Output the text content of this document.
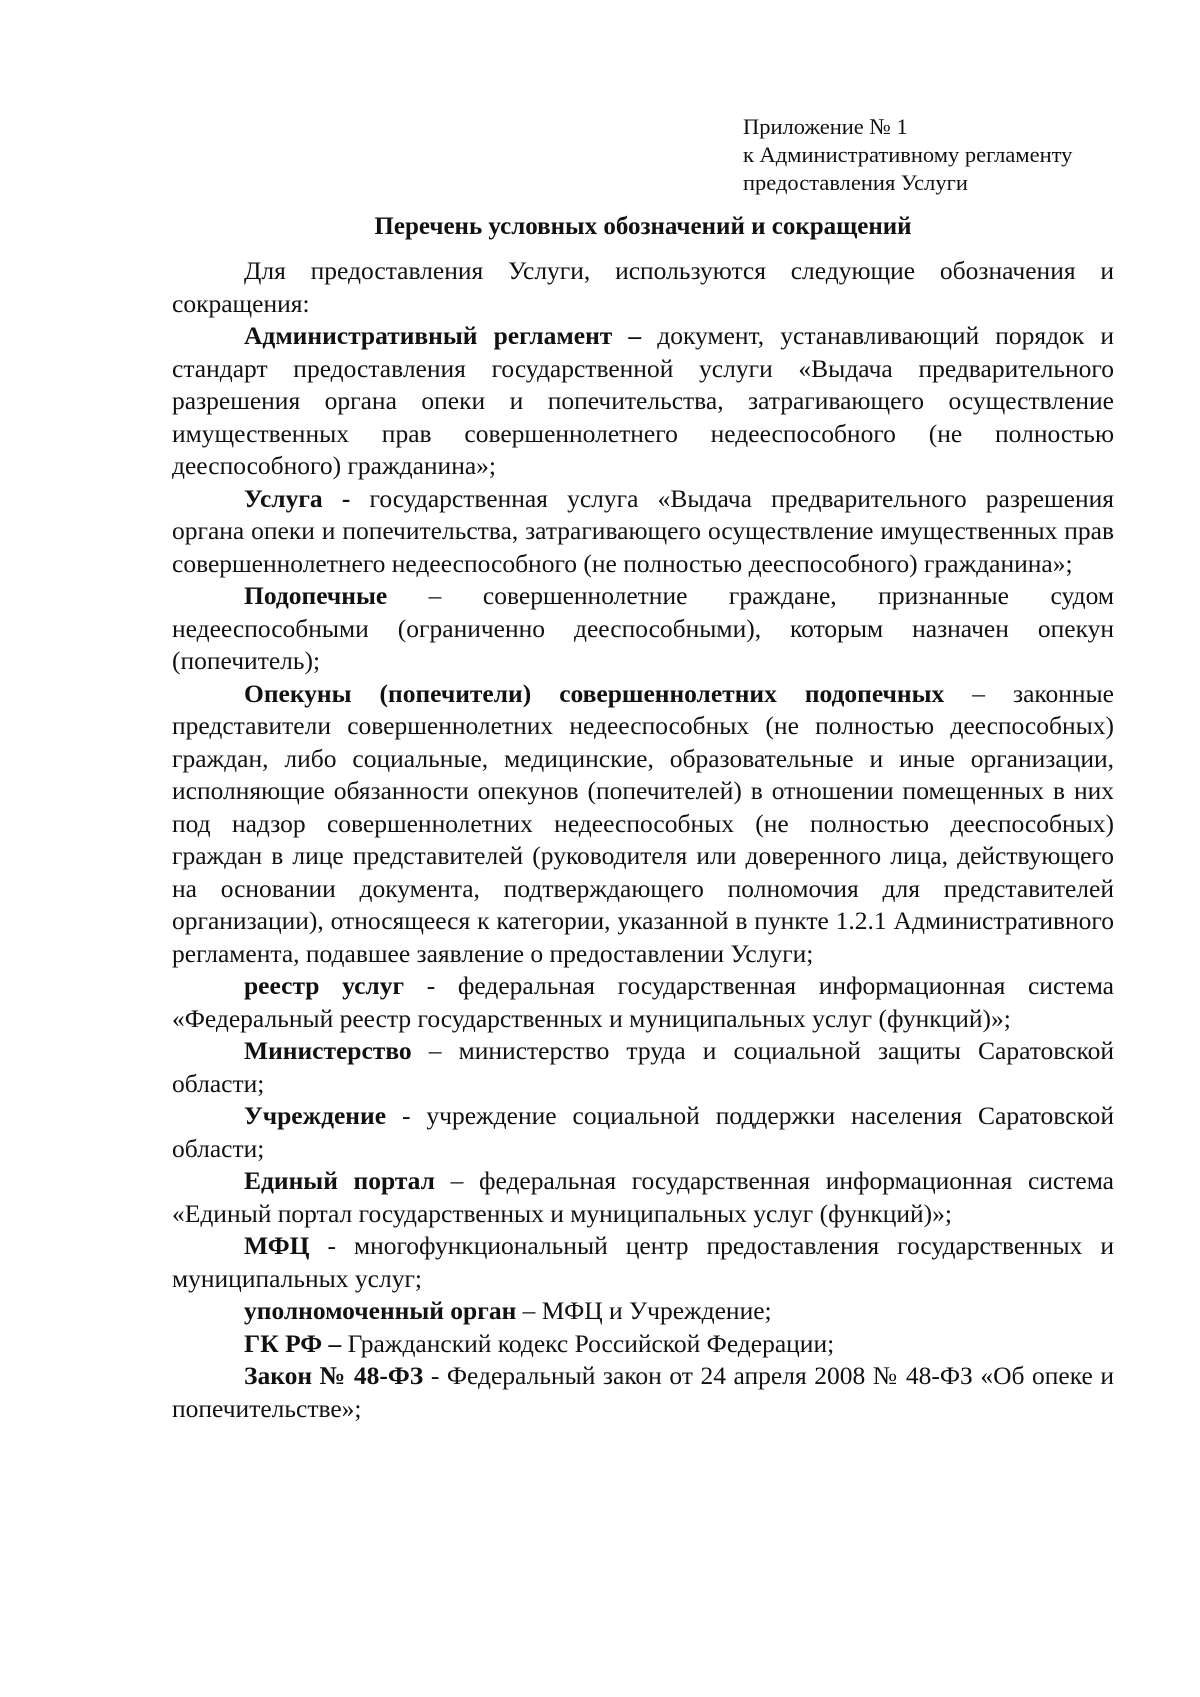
Приложение № 1
к Административному регламенту
предоставления Услуги
Перечень условных обозначений и сокращений

Для предоставления Услуги, используются следующие обозначения и сокращения:

Административный регламент – документ, устанавливающий порядок и стандарт предоставления государственной услуги «Выдача предварительного разрешения органа опеки и попечительства, затрагивающего осуществление имущественных прав совершеннолетнего недееспособного (не полностью дееспособного) гражданина»;

Услуга - государственная услуга «Выдача предварительного разрешения органа опеки и попечительства, затрагивающего осуществление имущественных прав совершеннолетнего недееспособного (не полностью дееспособного) гражданина»;

Подопечные – совершеннолетние граждане, признанные судом недееспособными (ограниченно дееспособными), которым назначен опекун (попечитель);

Опекуны (попечители) совершеннолетних подопечных – законные представители совершеннолетних недееспособных (не полностью дееспособных) граждан, либо социальные, медицинские, образовательные и иные организации, исполняющие обязанности опекунов (попечителей) в отношении помещенных в них под надзор совершеннолетних недееспособных (не полностью дееспособных) граждан в лице представителей (руководителя или доверенного лица, действующего на основании документа, подтверждающего полномочия для представителей организации), относящееся к категории, указанной в пункте 1.2.1 Административного регламента, подавшее заявление о предоставлении Услуги;

реестр услуг - федеральная государственная информационная система «Федеральный реестр государственных и муниципальных услуг (функций)»;

Министерство – министерство труда и социальной защиты Саратовской области;

Учреждение - учреждение социальной поддержки населения Саратовской области;

Единый портал – федеральная государственная информационная система «Единый портал государственных и муниципальных услуг (функций)»;

МФЦ - многофункциональный центр предоставления государственных и муниципальных услуг;

уполномоченный орган – МФЦ и Учреждение;

ГК РФ – Гражданский кодекс Российской Федерации;

Закон № 48-ФЗ - Федеральный закон от 24 апреля 2008 № 48-ФЗ «Об опеке и попечительстве»;
